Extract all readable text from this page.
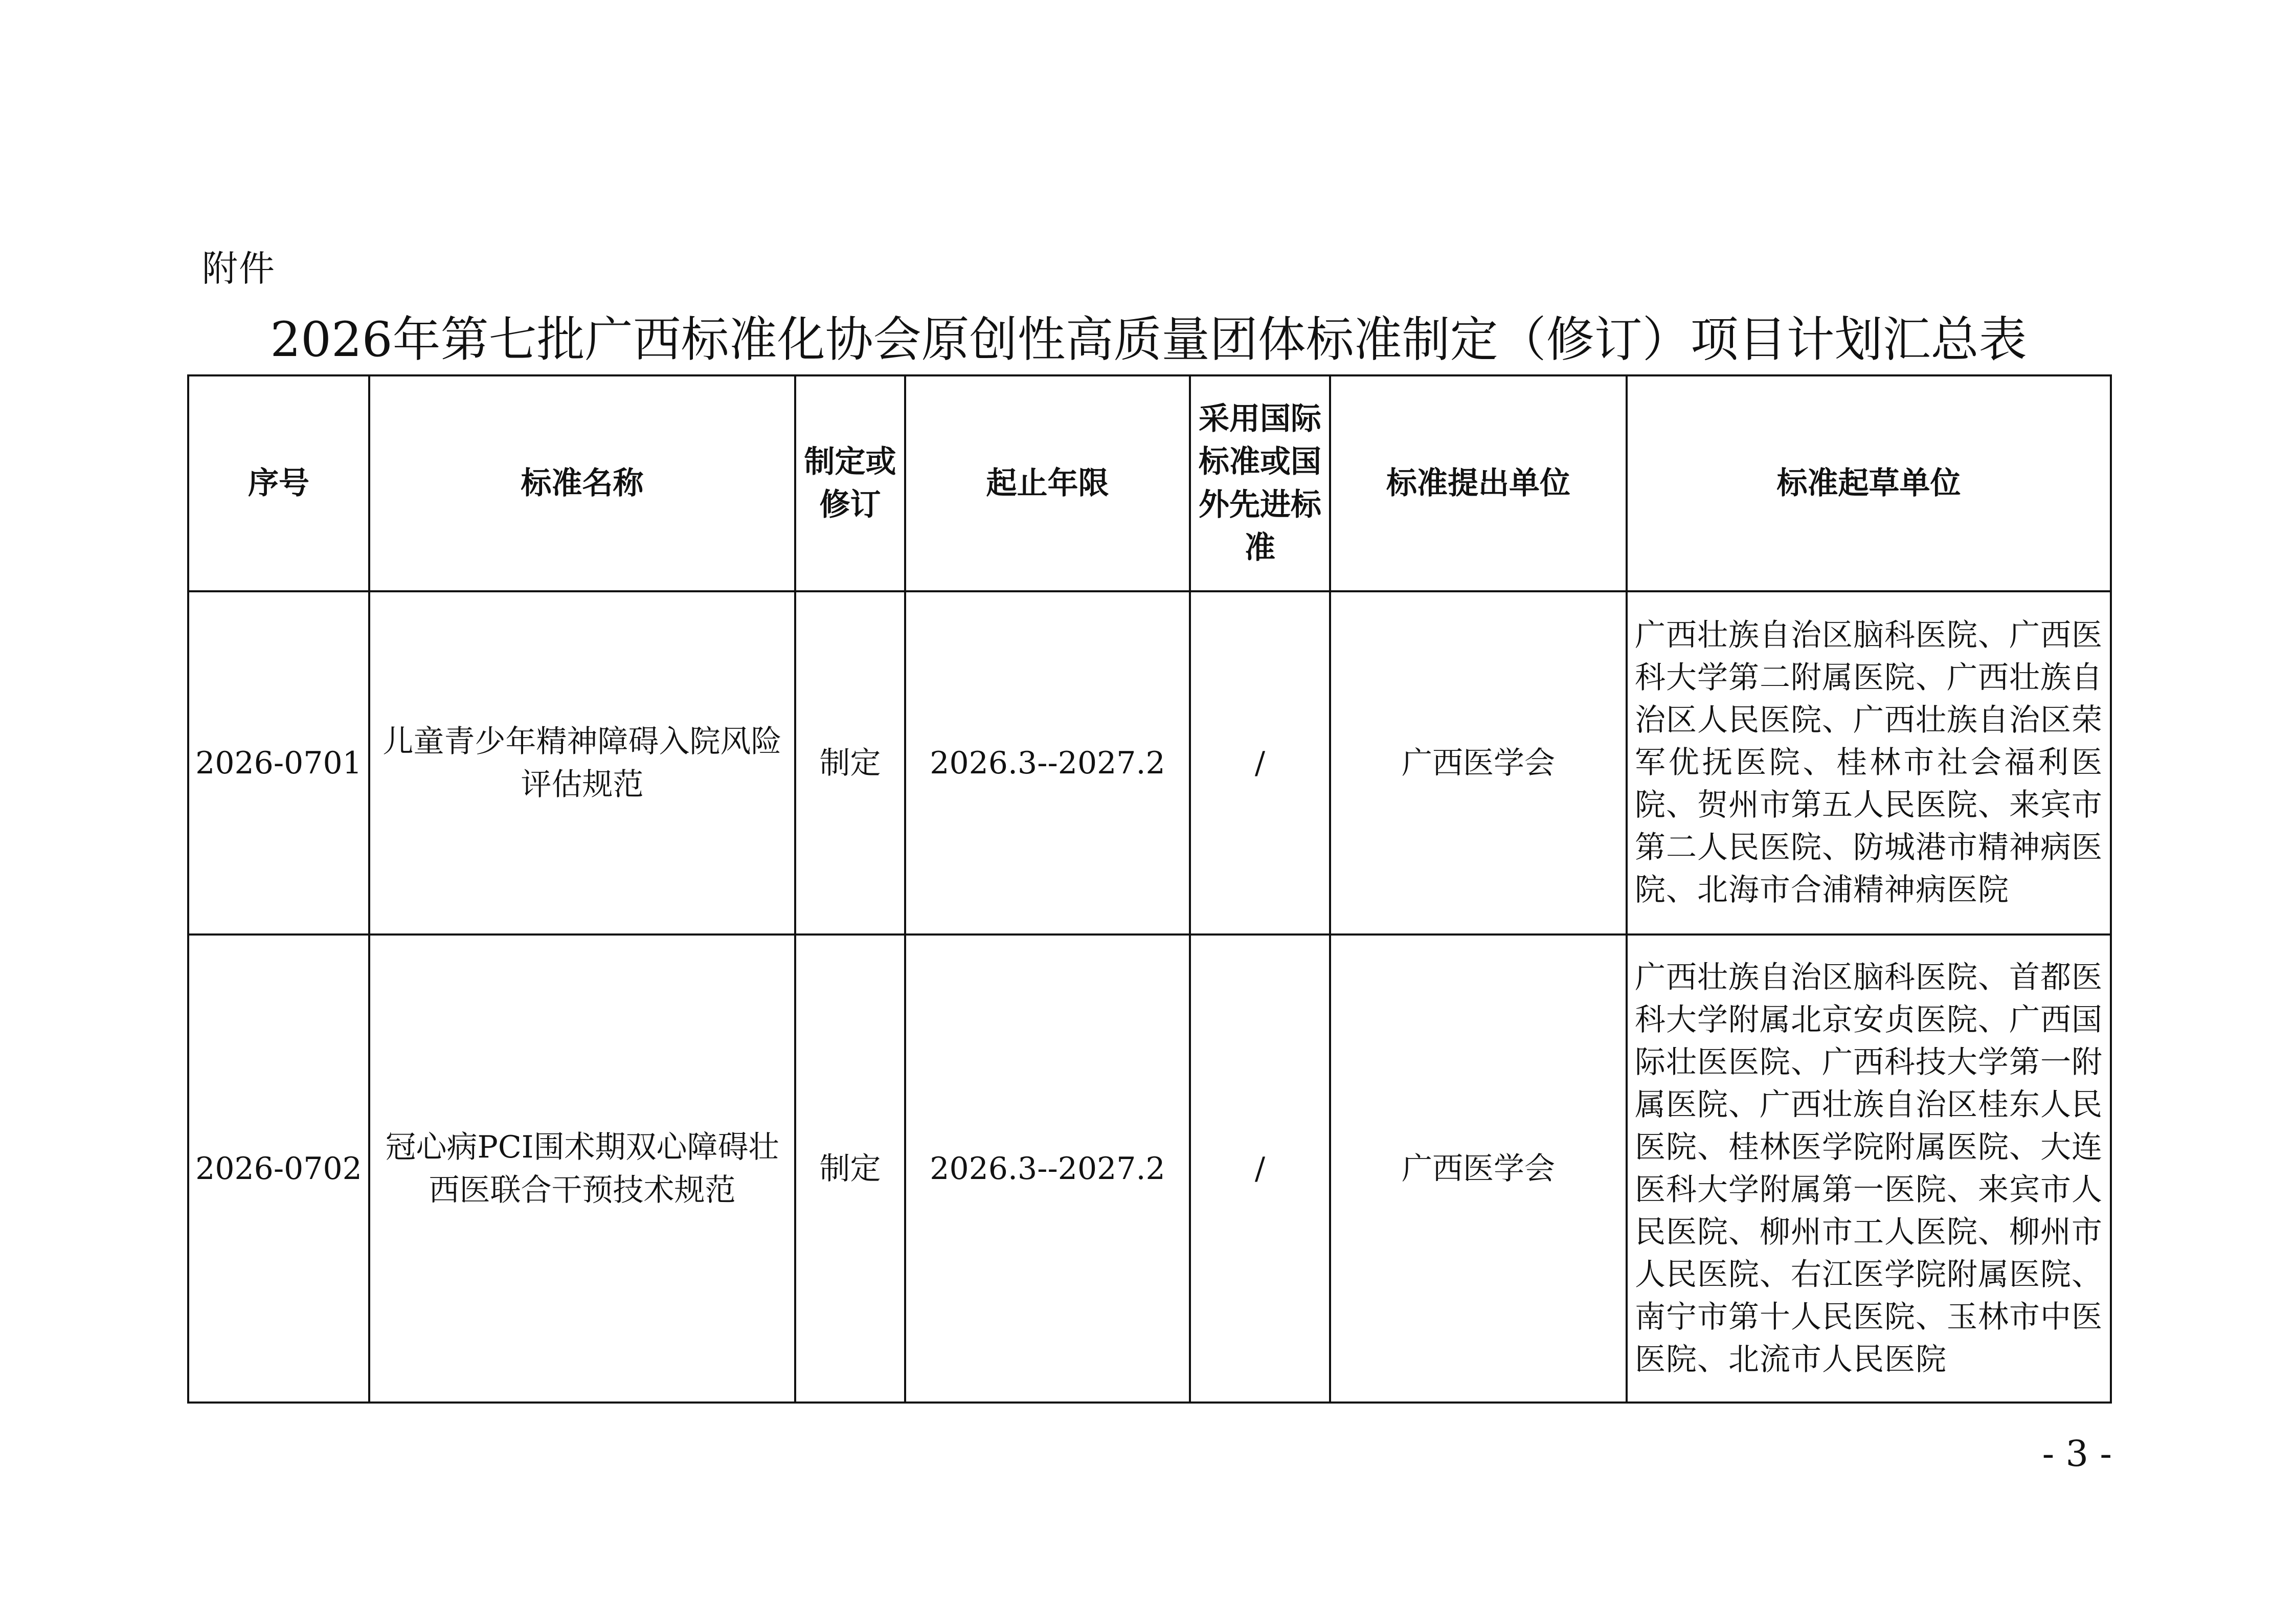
附件
2026年第七批广西标准化协会原创性高质量团体标准制定（修订）项目计划汇总表
序号	标准名称	制定或修订	起止年限	采用国际标准或国外先进标准	标准提出单位	标准起草单位
2026-0701	儿童青少年精神障碍入院风险评估规范	制定	2026.3--2027.2	/	广西医学会	广西壮族自治区脑科医院、广西医科大学第二附属医院、广西壮族自治区人民医院、广西壮族自治区荣军优抚医院、桂林市社会福利医院、贺州市第五人民医院、来宾市第二人民医院、防城港市精神病医院、北海市合浦精神病医院
2026-0702	冠心病PCI围术期双心障碍壮西医联合干预技术规范	制定	2026.3--2027.2	/	广西医学会	广西壮族自治区脑科医院、首都医科大学附属北京安贞医院、广西国际壮医医院、广西科技大学第一附属医院、广西壮族自治区桂东人民医院、桂林医学院附属医院、大连医科大学附属第一医院、来宾市人民医院、柳州市工人医院、柳州市人民医院、右江医学院附属医院、南宁市第十人民医院、玉林市中医医院、北流市人民医院
- 3 -
